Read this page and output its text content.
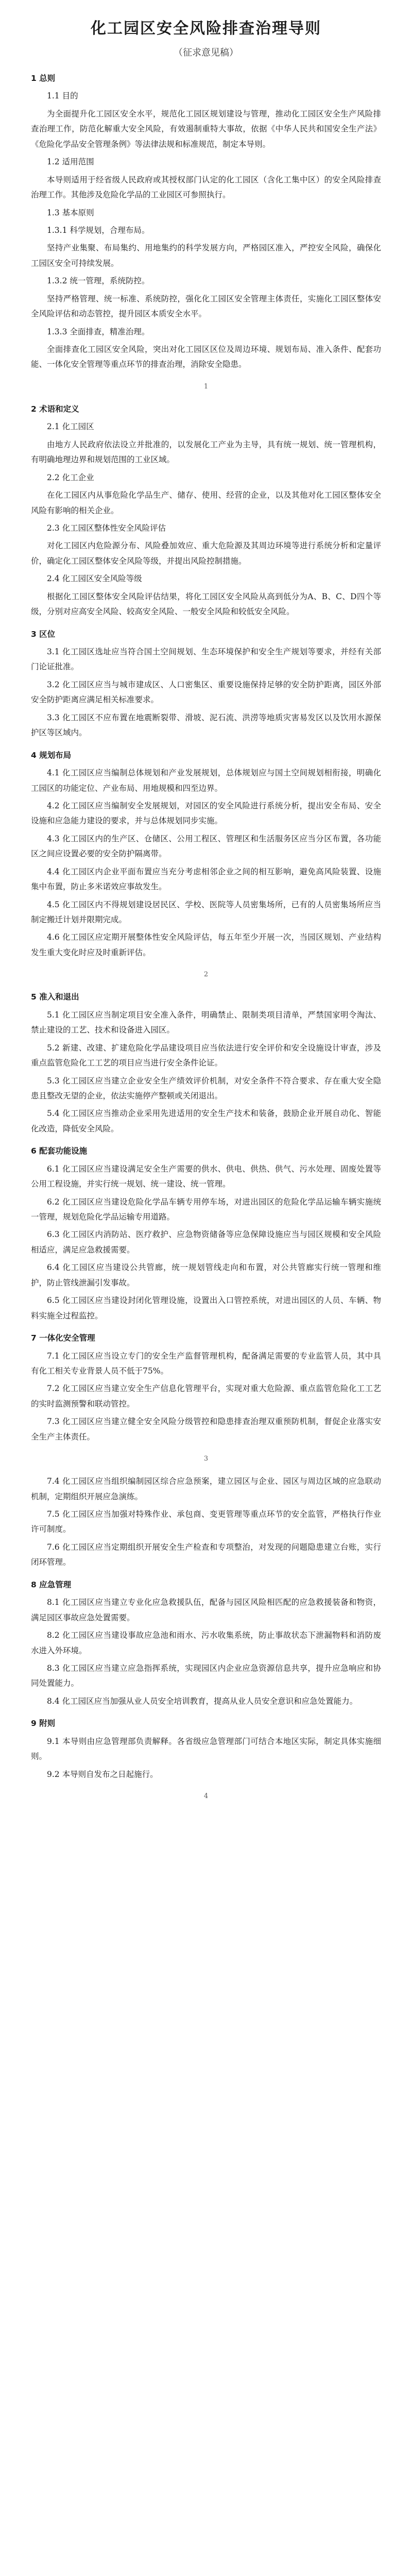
化工园区安全风险排查治理导则
（征求意见稿）
1 总则
1.1 目的
为全面提升化工园区安全水平，规范化工园区规划建设与管理，推动化工园区安全生产风险排查治理工作，防范化解重大安全风险，有效遏制重特大事故，依据《中华人民共和国安全生产法》《危险化学品安全管理条例》等法律法规和标准规范，制定本导则。
1.2 适用范围
本导则适用于经省级人民政府或其授权部门认定的化工园区（含化工集中区）的安全风险排查治理工作。其他涉及危险化学品的工业园区可参照执行。
1.3 基本原则
1.3.1 科学规划，合理布局。
坚持产业集聚、布局集约、用地集约的科学发展方向，严格园区准入，严控安全风险，确保化工园区安全可持续发展。
1.3.2 统一管理，系统防控。
坚持严格管理、统一标准、系统防控，强化化工园区安全管理主体责任，实施化工园区整体安全风险评估和动态管控，提升园区本质安全水平。
1.3.3 全面排查，精准治理。
全面排查化工园区安全风险，突出对化工园区区位及周边环境、规划布局、准入条件、配套功能、一体化安全管理等重点环节的排查治理，消除安全隐患。
1
2 术语和定义
2.1 化工园区
由地方人民政府依法设立并批准的，以发展化工产业为主导，具有统一规划、统一管理机构，有明确地理边界和规划范围的工业区域。
2.2 化工企业
在化工园区内从事危险化学品生产、储存、使用、经营的企业，以及其他对化工园区整体安全风险有影响的相关企业。
2.3 化工园区整体性安全风险评估
对化工园区内危险源分布、风险叠加效应、重大危险源及其周边环境等进行系统分析和定量评价，确定化工园区整体安全风险等级，并提出风险控制措施。
2.4 化工园区安全风险等级
根据化工园区整体安全风险评估结果，将化工园区安全风险从高到低分为A、B、C、D四个等级，分别对应高安全风险、较高安全风险、一般安全风险和较低安全风险。
3 区位
3.1 化工园区选址应当符合国土空间规划、生态环境保护和安全生产规划等要求，并经有关部门论证批准。
3.2 化工园区应当与城市建成区、人口密集区、重要设施保持足够的安全防护距离，园区外部安全防护距离应满足相关标准要求。
3.3 化工园区不应布置在地震断裂带、滑坡、泥石流、洪涝等地质灾害易发区以及饮用水源保护区等区域内。
4 规划布局
4.1 化工园区应当编制总体规划和产业发展规划，总体规划应与国土空间规划相衔接，明确化工园区的功能定位、产业布局、用地规模和四至边界。
4.2 化工园区应当编制安全发展规划，对园区的安全风险进行系统分析，提出安全布局、安全设施和应急能力建设的要求，并与总体规划同步实施。
4.3 化工园区内的生产区、仓储区、公用工程区、管理区和生活服务区应当分区布置，各功能区之间应设置必要的安全防护隔离带。
4.4 化工园区内企业平面布置应当充分考虑相邻企业之间的相互影响，避免高风险装置、设施集中布置，防止多米诺效应事故发生。
4.5 化工园区内不得规划建设居民区、学校、医院等人员密集场所，已有的人员密集场所应当制定搬迁计划并限期完成。
4.6 化工园区应定期开展整体性安全风险评估，每五年至少开展一次，当园区规划、产业结构发生重大变化时应及时重新评估。
2
5 准入和退出
5.1 化工园区应当制定项目安全准入条件，明确禁止、限制类项目清单，严禁国家明令淘汰、禁止建设的工艺、技术和设备进入园区。
5.2 新建、改建、扩建危险化学品建设项目应当依法进行安全评价和安全设施设计审查，涉及重点监管危险化工工艺的项目应当进行安全条件论证。
5.3 化工园区应当建立企业安全生产绩效评价机制，对安全条件不符合要求、存在重大安全隐患且整改无望的企业，依法实施停产整顿或关闭退出。
5.4 化工园区应当推动企业采用先进适用的安全生产技术和装备，鼓励企业开展自动化、智能化改造，降低安全风险。
6 配套功能设施
6.1 化工园区应当建设满足安全生产需要的供水、供电、供热、供气、污水处理、固废处置等公用工程设施，并实行统一规划、统一建设、统一管理。
6.2 化工园区应当建设危险化学品车辆专用停车场，对进出园区的危险化学品运输车辆实施统一管理，规划危险化学品运输专用道路。
6.3 化工园区内消防站、医疗救护、应急物资储备等应急保障设施应当与园区规模和安全风险相适应，满足应急救援需要。
6.4 化工园区应当建设公共管廊，统一规划管线走向和布置，对公共管廊实行统一管理和维护，防止管线泄漏引发事故。
6.5 化工园区应当建设封闭化管理设施，设置出入口管控系统，对进出园区的人员、车辆、物料实施全过程监控。
7 一体化安全管理
7.1 化工园区应当设立专门的安全生产监督管理机构，配备满足需要的专业监管人员，其中具有化工相关专业背景人员不低于75%。
7.2 化工园区应当建立安全生产信息化管理平台，实现对重大危险源、重点监管危险化工工艺的实时监测预警和联动管控。
7.3 化工园区应当建立健全安全风险分级管控和隐患排查治理双重预防机制，督促企业落实安全生产主体责任。
3
7.4 化工园区应当组织编制园区综合应急预案，建立园区与企业、园区与周边区域的应急联动机制，定期组织开展应急演练。
7.5 化工园区应当加强对特殊作业、承包商、变更管理等重点环节的安全监管，严格执行作业许可制度。
7.6 化工园区应当定期组织开展安全生产检查和专项整治，对发现的问题隐患建立台账，实行闭环管理。
8 应急管理
8.1 化工园区应当建立专业化应急救援队伍，配备与园区风险相匹配的应急救援装备和物资，满足园区事故应急处置需要。
8.2 化工园区应当建设事故应急池和雨水、污水收集系统，防止事故状态下泄漏物料和消防废水进入外环境。
8.3 化工园区应当建立应急指挥系统，实现园区内企业应急资源信息共享，提升应急响应和协同处置能力。
8.4 化工园区应当加强从业人员安全培训教育，提高从业人员安全意识和应急处置能力。
9 附则
9.1 本导则由应急管理部负责解释。各省级应急管理部门可结合本地区实际，制定具体实施细则。
9.2 本导则自发布之日起施行。
4
